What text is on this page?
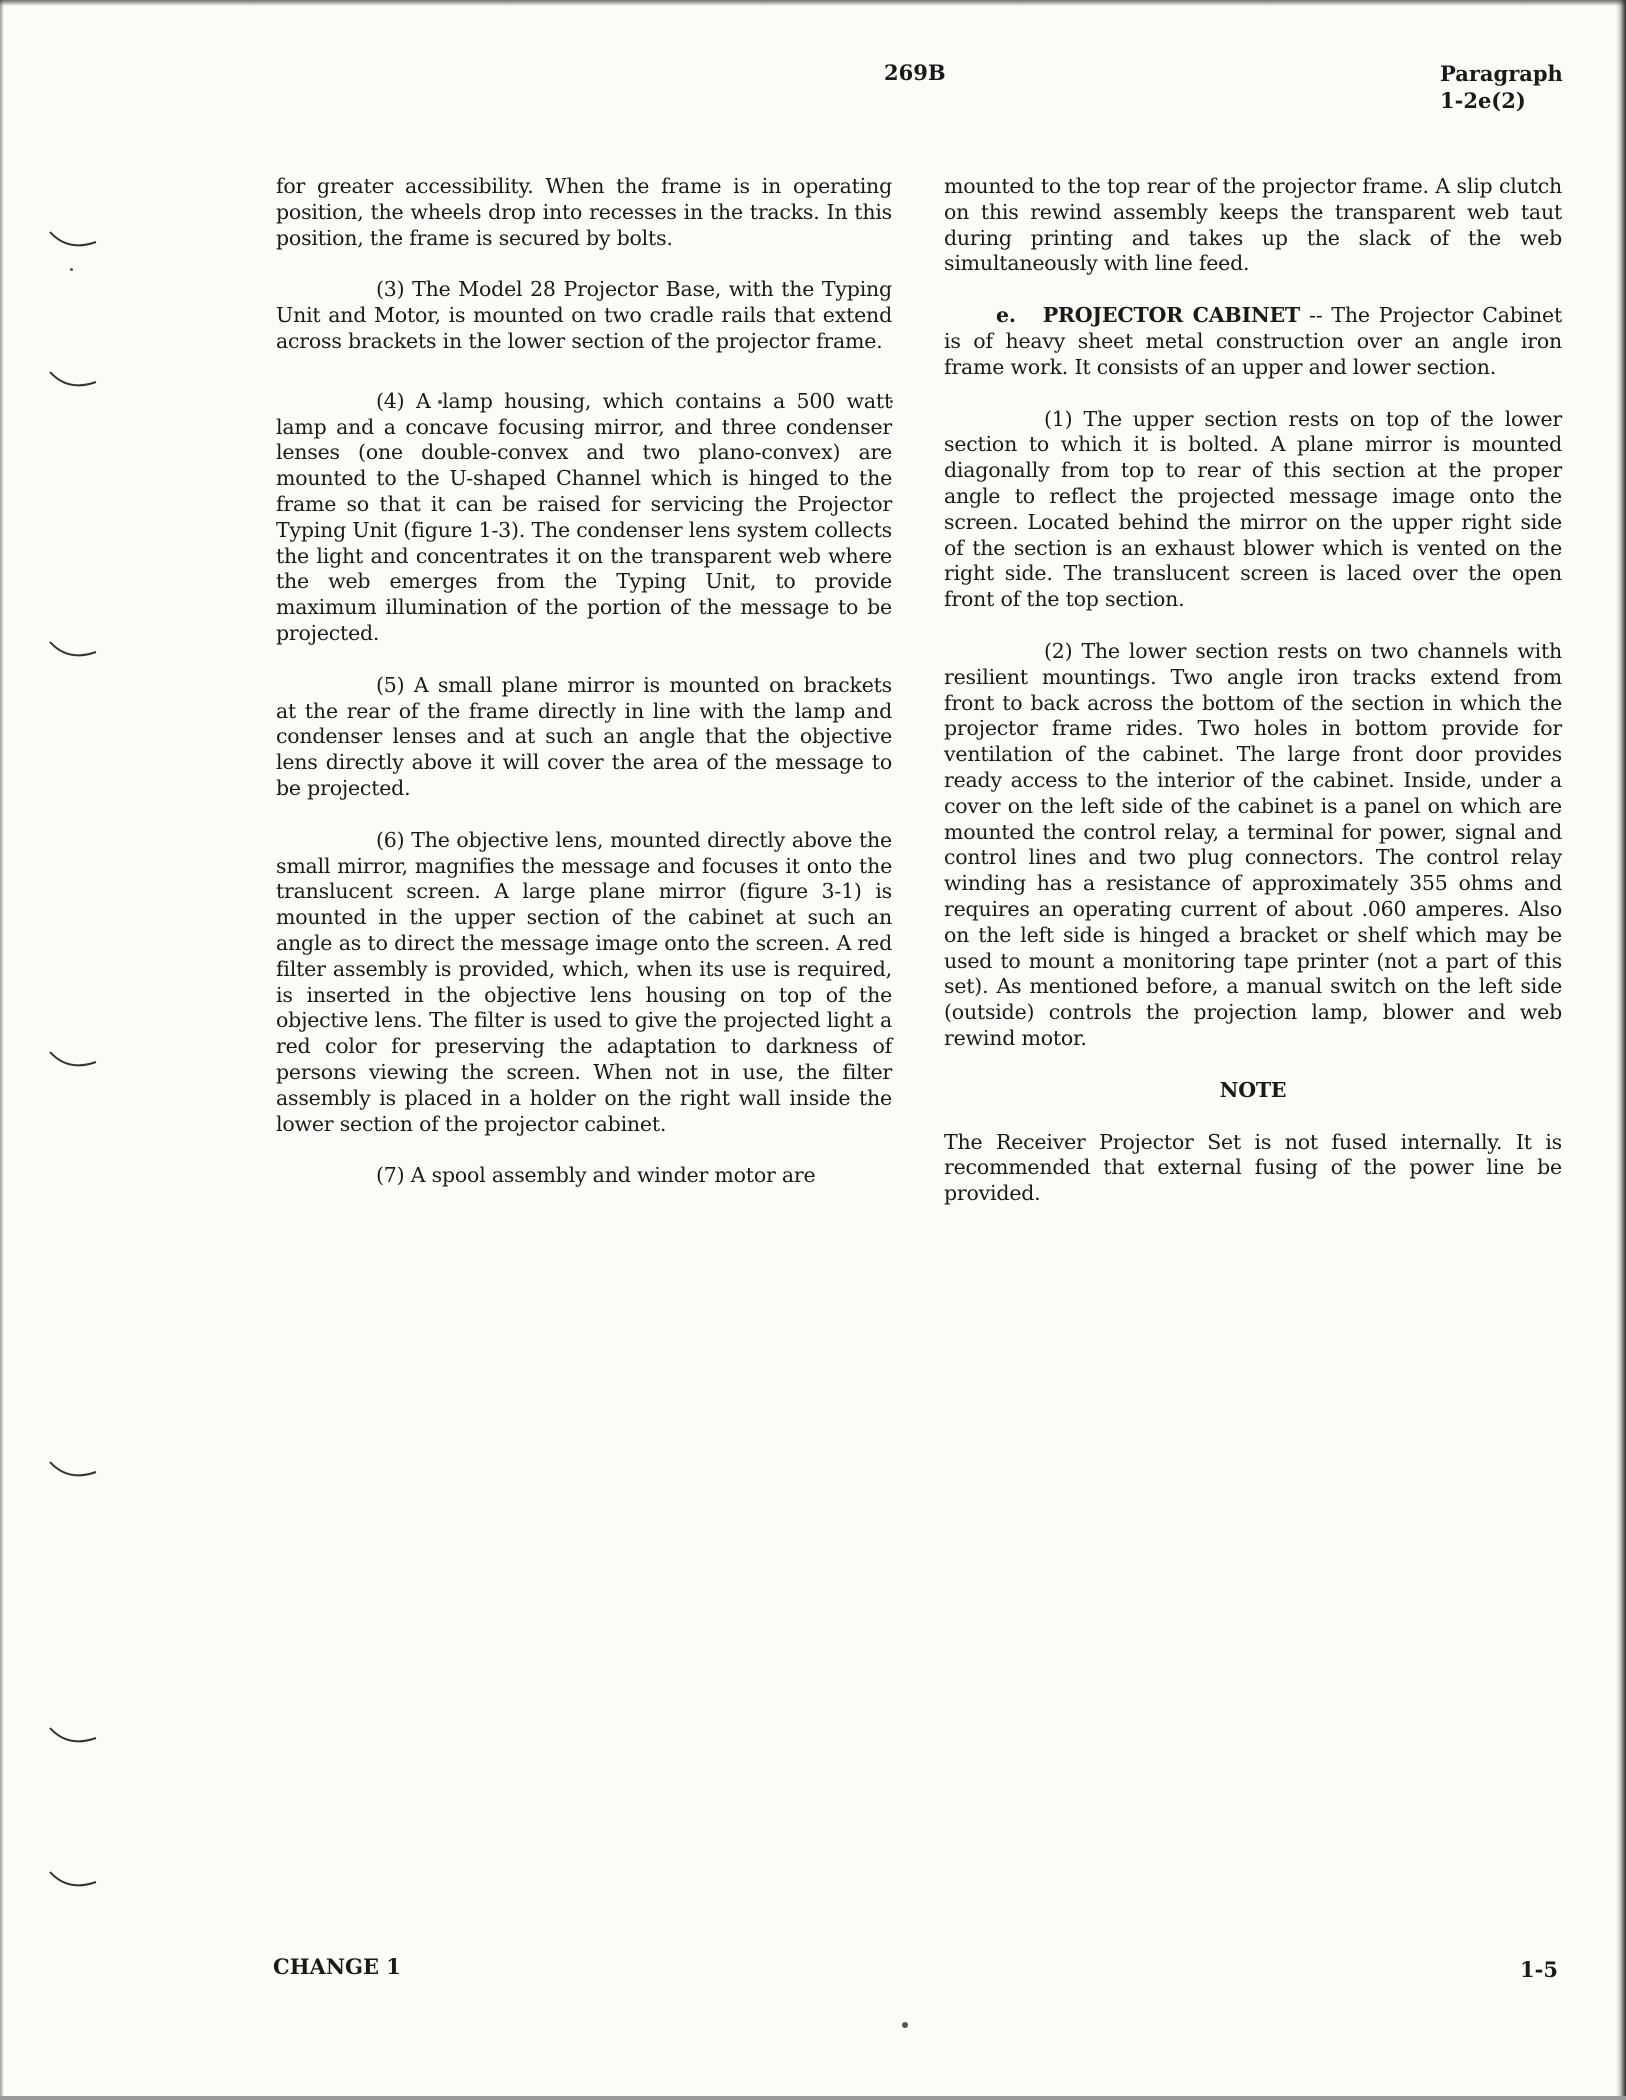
269B	Paragraph
1-2e(2)

for greater accessibility. When the frame is in operating position, the wheels drop into recesses in the tracks. In this position, the frame is secured by bolts.

(3) The Model 28 Projector Base, with the Typing Unit and Motor, is mounted on two cradle rails that extend across brackets in the lower section of the projector frame.

(4) A lamp housing, which contains a 500 watt lamp and a concave focusing mirror, and three condenser lenses (one double-convex and two plano-convex) are mounted to the U-shaped Channel which is hinged to the frame so that it can be raised for servicing the Projector Typing Unit (figure 1-3). The condenser lens system collects the light and concentrates it on the transparent web where the web emerges from the Typing Unit, to provide maximum illumination of the portion of the message to be projected.

(5) A small plane mirror is mounted on brackets at the rear of the frame directly in line with the lamp and condenser lenses and at such an angle that the objective lens directly above it will cover the area of the message to be projected.

(6) The objective lens, mounted directly above the small mirror, magnifies the message and focuses it onto the translucent screen. A large plane mirror (figure 3-1) is mounted in the upper section of the cabinet at such an angle as to direct the message image onto the screen. A red filter assembly is provided, which, when its use is required, is inserted in the objective lens housing on top of the objective lens. The filter is used to give the projected light a red color for preserving the adaptation to darkness of persons viewing the screen. When not in use, the filter assembly is placed in a holder on the right wall inside the lower section of the projector cabinet.

(7) A spool assembly and winder motor are

mounted to the top rear of the projector frame. A slip clutch on this rewind assembly keeps the transparent web taut during printing and takes up the slack of the web simultaneously with line feed.

e. PROJECTOR CABINET -- The Projector Cabinet is of heavy sheet metal construction over an angle iron frame work. It consists of an upper and lower section.

(1) The upper section rests on top of the lower section to which it is bolted. A plane mirror is mounted diagonally from top to rear of this section at the proper angle to reflect the projected message image onto the screen. Located behind the mirror on the upper right side of the section is an exhaust blower which is vented on the right side. The translucent screen is laced over the open front of the top section.

(2) The lower section rests on two channels with resilient mountings. Two angle iron tracks extend from front to back across the bottom of the section in which the projector frame rides. Two holes in bottom provide for ventilation of the cabinet. The large front door provides ready access to the interior of the cabinet. Inside, under a cover on the left side of the cabinet is a panel on which are mounted the control relay, a terminal for power, signal and control lines and two plug connectors. The control relay winding has a resistance of approximately 355 ohms and requires an operating current of about .060 amperes. Also on the left side is hinged a bracket or shelf which may be used to mount a monitoring tape printer (not a part of this set). As mentioned before, a manual switch on the left side (outside) controls the projection lamp, blower and web rewind motor.

NOTE

The Receiver Projector Set is not fused internally. It is recommended that external fusing of the power line be provided.

CHANGE 1	1-5
